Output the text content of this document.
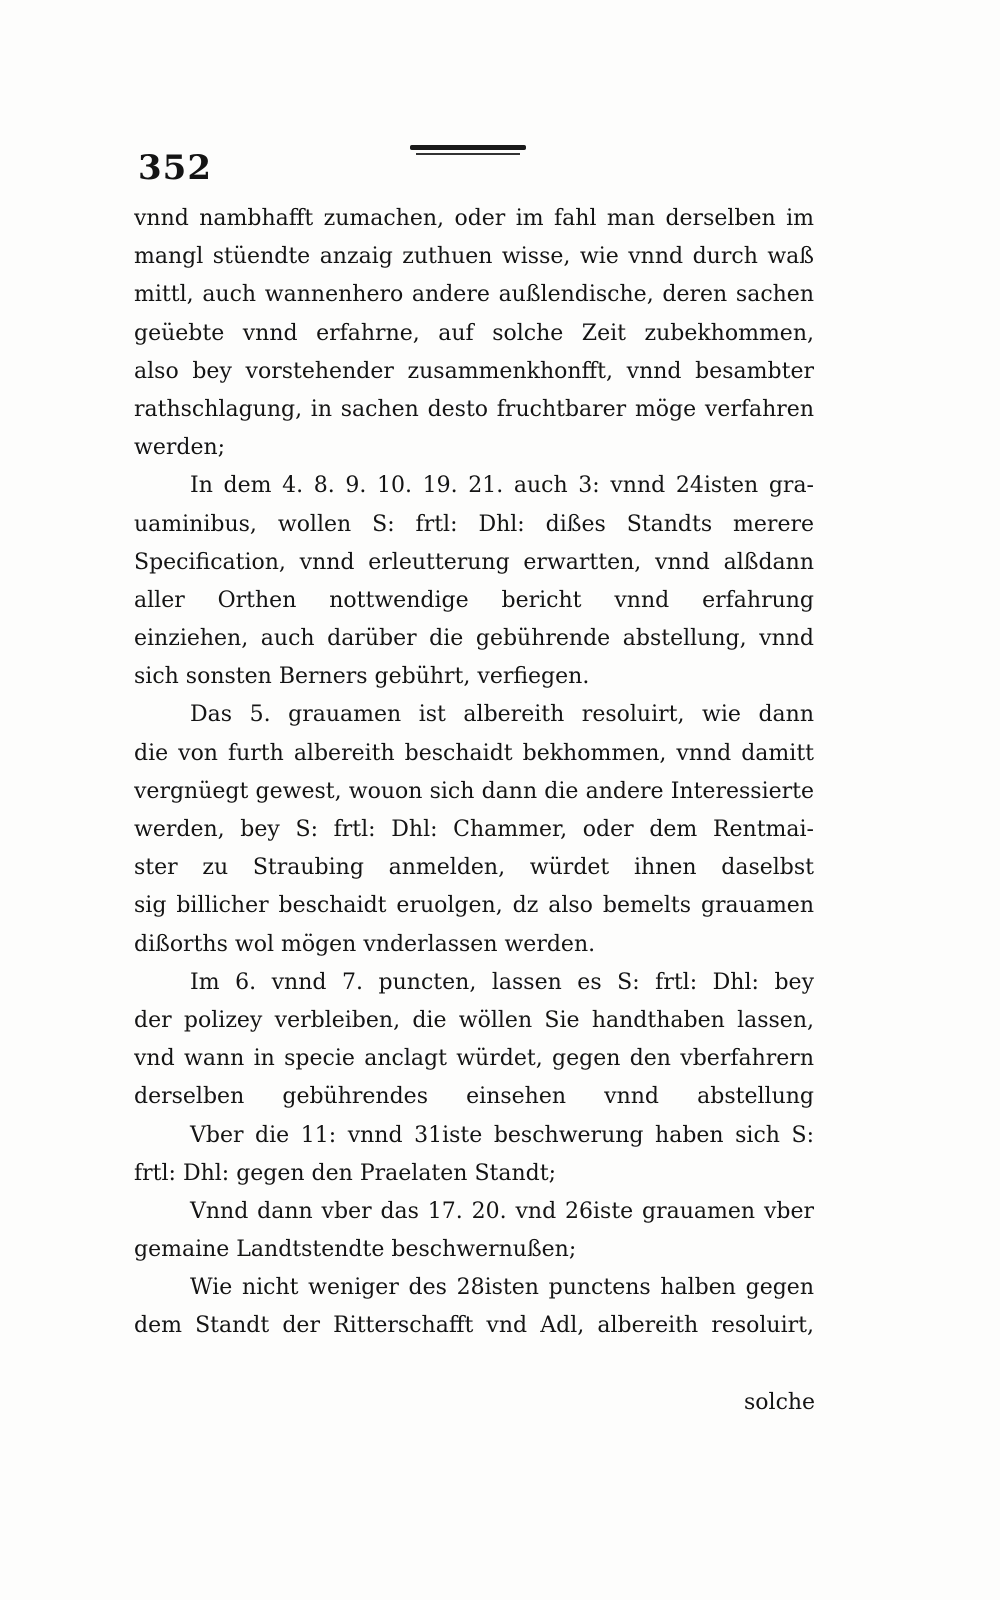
352
vnnd nambhafft zumachen, oder im fahl man derselben im
mangl stüendte anzaig zuthuen wisse, wie vnnd durch waß
mittl, auch wannenhero andere außlendische, deren sachen
geüebte vnnd erfahrne, auf solche Zeit zubekhommen,
also bey vorstehender zusammenkhonfft, vnnd besambter
rathschlagung, in sachen desto fruchtbarer möge verfahren
werden;
In dem 4. 8. 9. 10. 19. 21. auch 3: vnnd 24isten gra-
uaminibus, wollen S: frtl: Dhl: dißes Standts merere
Specification, vnnd erleutterung erwartten, vnnd alßdann
aller Orthen nottwendige bericht vnnd erfahrung
einziehen, auch darüber die gebührende abstellung, vnnd
sich sonsten Berners gebührt, verfiegen.
Das 5. grauamen ist albereith resoluirt, wie dann
die von furth albereith beschaidt bekhommen, vnnd damitt
vergnüegt gewest, wouon sich dann die andere Interessierte
werden, bey S: frtl: Dhl: Chammer, oder dem Rentmai-
ster zu Straubing anmelden, würdet ihnen daselbst
sig billicher beschaidt eruolgen, dz also bemelts grauamen
dißorths wol mögen vnderlassen werden.
Im 6. vnnd 7. puncten, lassen es S: frtl: Dhl: bey
der polizey verbleiben, die wöllen Sie handthaben lassen,
vnd wann in specie anclagt würdet, gegen den vberfahrern
derselben gebührendes einsehen vnnd abstellung
Vber die 11: vnnd 31iste beschwerung haben sich S:
frtl: Dhl: gegen den Praelaten Standt;
Vnnd dann vber das 17. 20. vnd 26iste grauamen vber
gemaine Landtstendte beschwernußen;
Wie nicht weniger des 28isten punctens halben gegen
dem Standt der Ritterschafft vnd Adl, albereith resoluirt,
solche
